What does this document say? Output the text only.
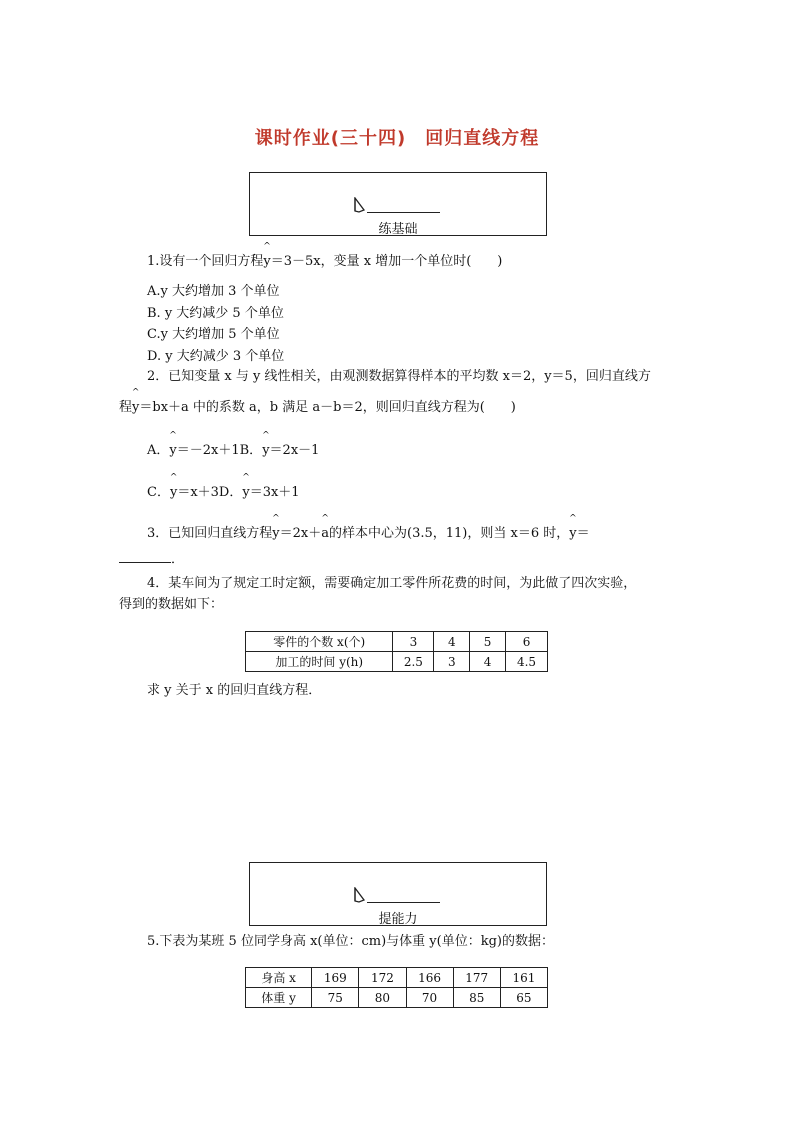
课时作业(三十四)　回归直线方程
练基础
1.设有一个回归方程^ y＝3－5x，变量 x 增加一个单位时(　　)
A.y 大约增加 3 个单位
B. y 大约减少 5 个单位
C.y 大约增加 5 个单位
D. y 大约减少 3 个单位
2．已知变量 x 与 y 线性相关，由观测数据算得样本的平均数 x＝2，y＝5，回归直线方
程^ y＝bx＋a 中的系数 a，b 满足 a－b＝2，则回归直线方程为(　　)
A．^ y＝－2x＋1B．^ y＝2x－1
C．^ y＝x＋3D．^ y＝3x＋1
3．已知回归直线方程^ y＝2x＋^ a的样本中心为(3.5，11)，则当 x＝6 时，^ y＝
．
4．某车间为了规定工时定额，需要确定加工零件所花费的时间，为此做了四次实验，
得到的数据如下：
零件的个数 x(个)	3	4	5	6
加工的时间 y(h)	2.5	3	4	4.5
求 y 关于 x 的回归直线方程．
提能力
5.下表为某班 5 位同学身高 x(单位：cm)与体重 y(单位：kg)的数据：
身高 x	169	172	166	177	161
体重 y	75	80	70	85	65
